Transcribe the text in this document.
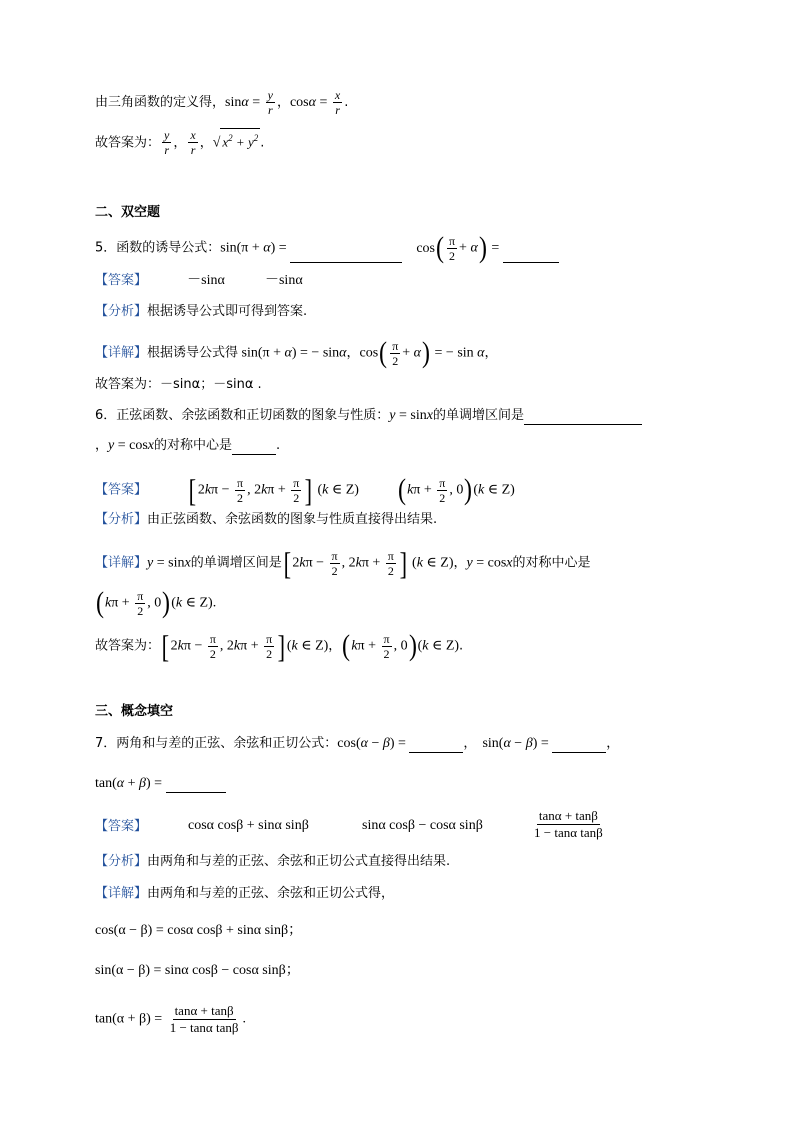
由三角函数的定义得，$\sin\alpha = \frac{y}{r}$ ，$\cos\alpha = \frac{x}{r}$ .
故答案为： $\frac{y}{r}$ ， $\frac{x}{r}$ ，√ $x^2 + y^2$ .
二、双空题
5．函数的诱导公式：sin(π + α) =	$\cos( \frac{\pi}{2} + \alpha)$ =
【答案】	－sinα	－sinα
【分析】根据诱导公式即可得到答案.
【详解】根据诱导公式得 sin(π + α) = − sinα，$\cos( \frac{\pi}{2} + \alpha)$ = − sin α，
故答案为：－sinα；－sinα .
6．正弦函数、余弦函数和正切函数的图象与性质：y = sinx的单调增区间是
，y = cosx的对称中心是	.
【答案】 [ $2k\pi - \frac{\pi}{2}$ , $2k\pi + \frac{\pi}{2}$ ] (k ∈ Z) ($k\pi + \frac{\pi}{2}$ , 0)(k ∈ Z)
【分析】由正弦函数、余弦函数的图象与性质直接得出结果.
【详解】y = sinx的单调增区间是[ $2k\pi - \frac{\pi}{2}$ , $2k\pi + \frac{\pi}{2}$ ] (k ∈ Z)，y = cosx的对称中心是
($k\pi + \frac{\pi}{2}$ , 0)(k ∈ Z).
故答案为：[ $2k\pi - \frac{\pi}{2}$ , $2k\pi + \frac{\pi}{2}$ ] (k ∈ Z)，($k\pi + \frac{\pi}{2}$ , 0)(k ∈ Z).
三、概念填空
7．两角和与差的正弦、余弦和正切公式：cos(α − β) =	， sin(α − β) =	，
tan(α + β) =
【答案】	cosα cosβ + sinα sinβ	sinα cosβ − cosα sinβ	$\frac{\tan\alpha + \tan\beta}{\text{1 − tanα tanβ}}$
【分析】由两角和与差的正弦、余弦和正切公式直接得出结果.
【详解】由两角和与差的正弦、余弦和正切公式得，
cos(α − β) = cosα cosβ + sinα sinβ；
sin(α − β) = sinα cosβ − cosα sinβ；
$\tan(\alpha + \beta) = \frac{\tan\alpha + \tan\beta}{\text{1 − tanα tanβ}}$ .
